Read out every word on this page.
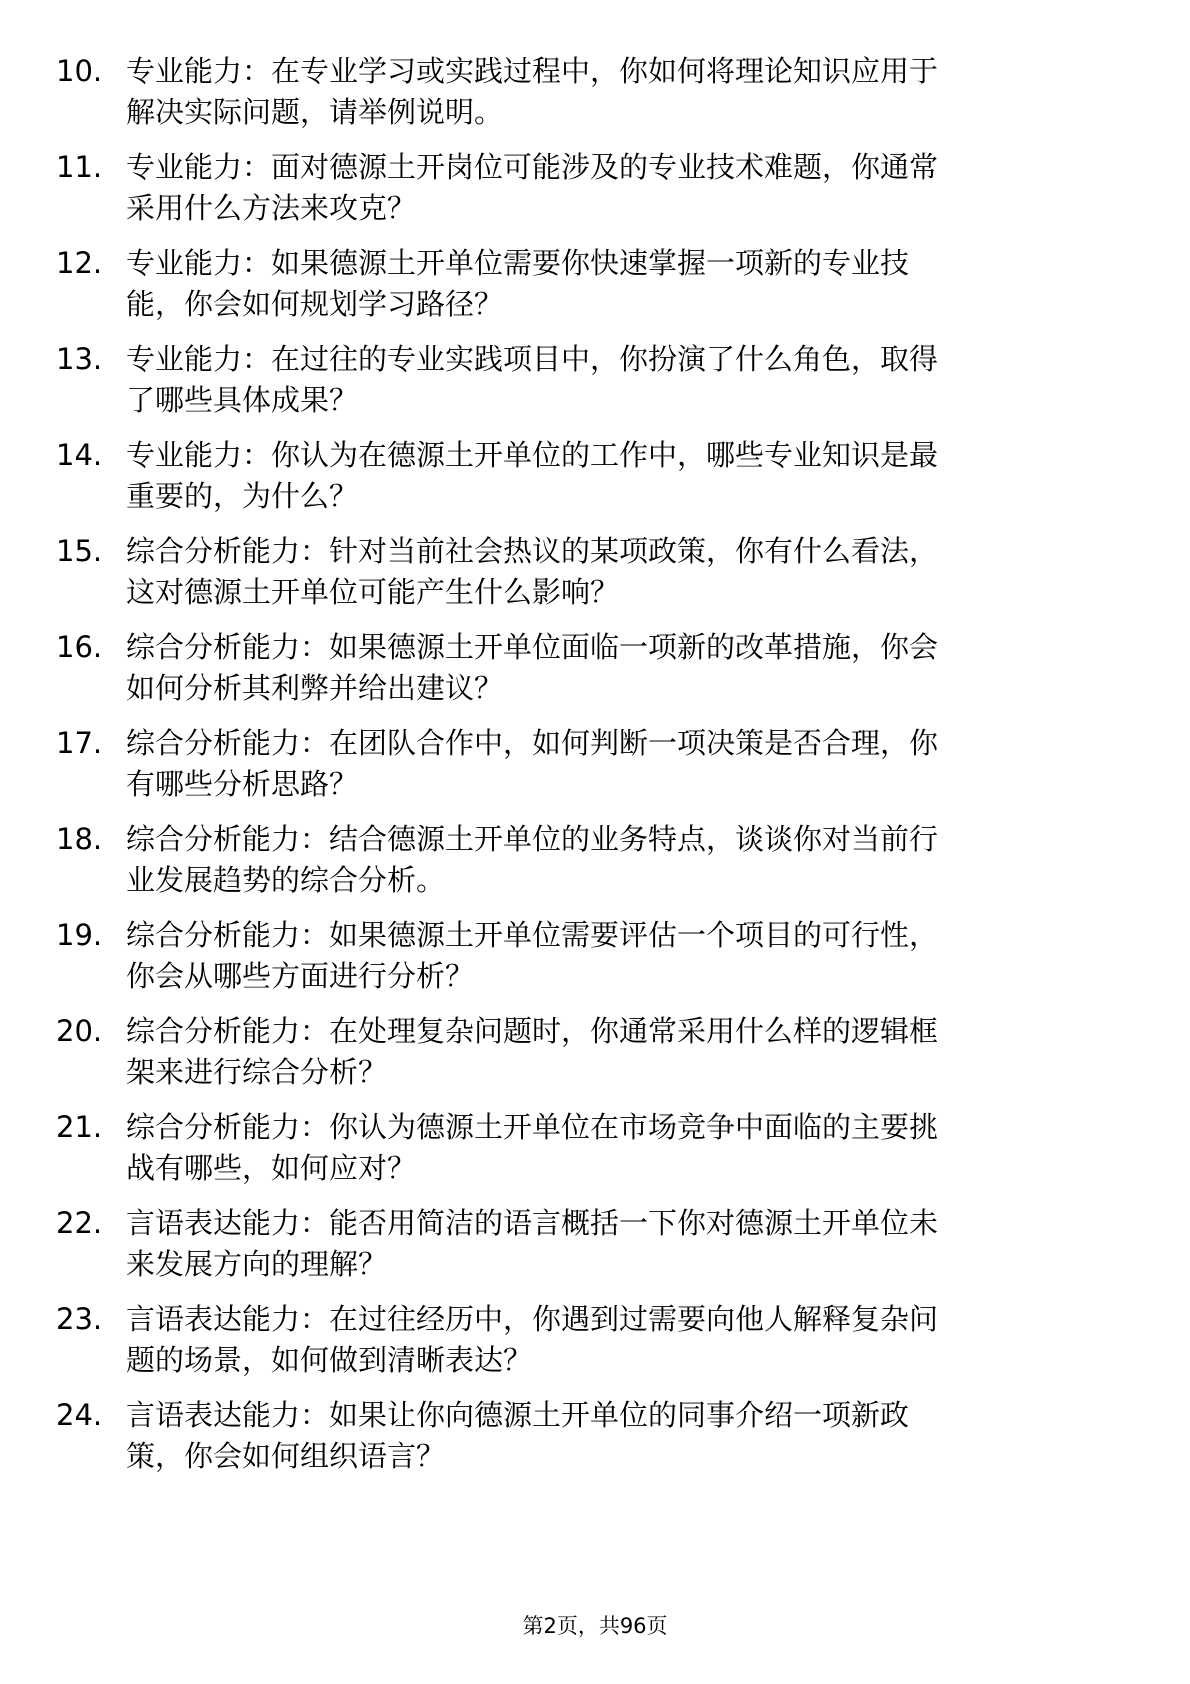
10. 专业能力：在专业学习或实践过程中，你如何将理论知识应用于
解决实际问题，请举例说明。

11. 专业能力：面对德源土开岗位可能涉及的专业技术难题，你通常
采用什么方法来攻克？

12. 专业能力：如果德源土开单位需要你快速掌握一项新的专业技
能，你会如何规划学习路径？

13. 专业能力：在过往的专业实践项目中，你扮演了什么角色，取得
了哪些具体成果？

14. 专业能力：你认为在德源土开单位的工作中，哪些专业知识是最
重要的，为什么？

15. 综合分析能力：针对当前社会热议的某项政策，你有什么看法，
这对德源土开单位可能产生什么影响？

16. 综合分析能力：如果德源土开单位面临一项新的改革措施，你会
如何分析其利弊并给出建议？

17. 综合分析能力：在团队合作中，如何判断一项决策是否合理，你
有哪些分析思路？

18. 综合分析能力：结合德源土开单位的业务特点，谈谈你对当前行
业发展趋势的综合分析。

19. 综合分析能力：如果德源土开单位需要评估一个项目的可行性，
你会从哪些方面进行分析？

20. 综合分析能力：在处理复杂问题时，你通常采用什么样的逻辑框
架来进行综合分析？

21. 综合分析能力：你认为德源土开单位在市场竞争中面临的主要挑
战有哪些，如何应对？

22. 言语表达能力：能否用简洁的语言概括一下你对德源土开单位未
来发展方向的理解？

23. 言语表达能力：在过往经历中，你遇到过需要向他人解释复杂问
题的场景，如何做到清晰表达？

24. 言语表达能力：如果让你向德源土开单位的同事介绍一项新政
策，你会如何组织语言？

第2页，共96页
